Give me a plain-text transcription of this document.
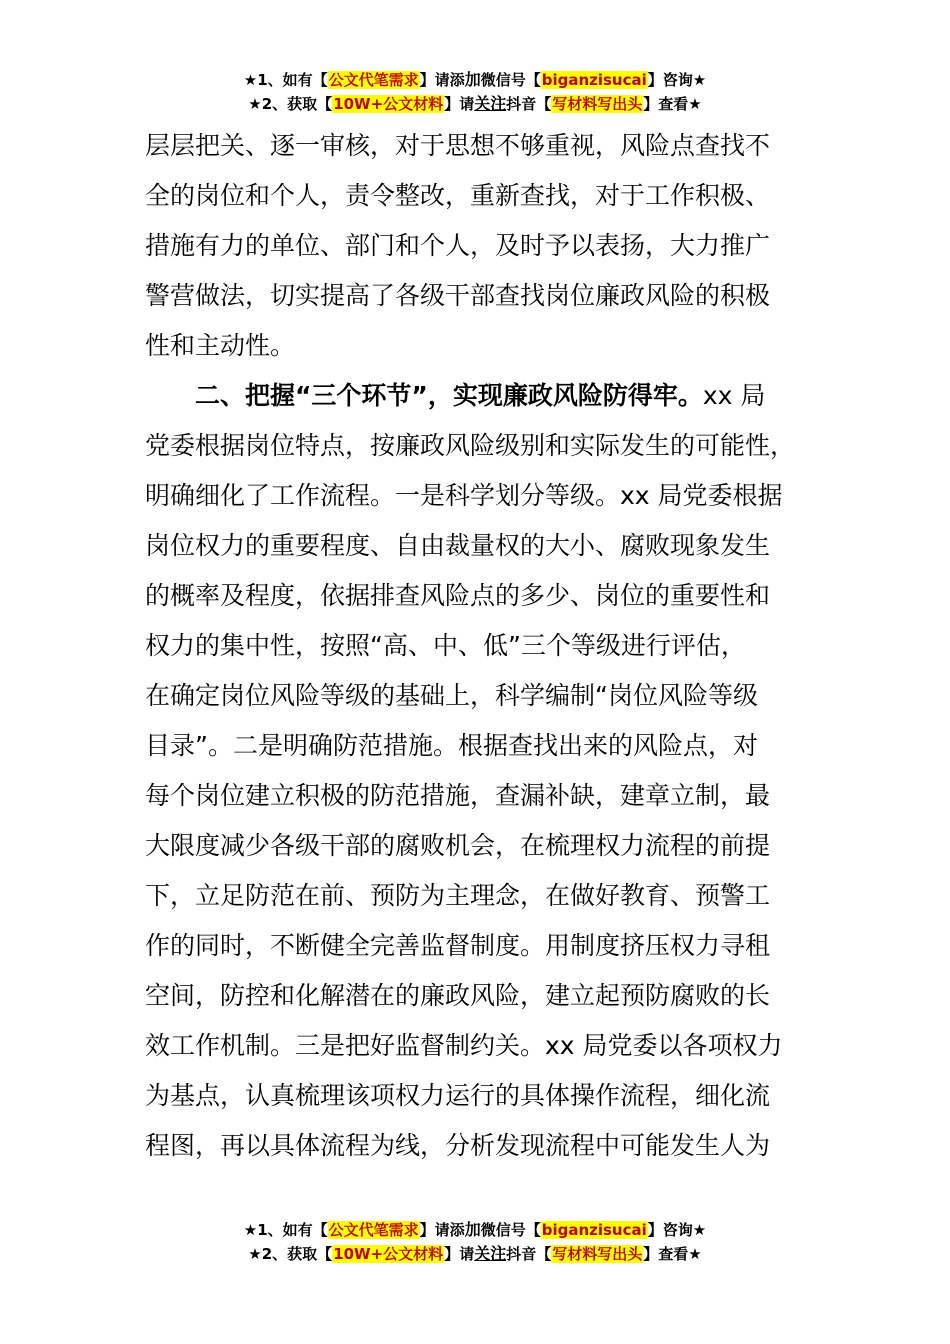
★1、如有【公文代笔需求】请添加微信号【biganzisucai】咨询★
★2、获取【10W+公文材料】请关注抖音【写材料写出头】查看★
层层把关、逐一审核，对于思想不够重视，风险点查找不
全的岗位和个人，责令整改，重新查找，对于工作积极、
措施有力的单位、部门和个人，及时予以表扬，大力推广
警营做法，切实提高了各级干部查找岗位廉政风险的积极
性和主动性。
二、把握“三个环节”，实现廉政风险防得牢。xx 局
党委根据岗位特点，按廉政风险级别和实际发生的可能性，
明确细化了工作流程。一是科学划分等级。xx 局党委根据
岗位权力的重要程度、自由裁量权的大小、腐败现象发生
的概率及程度，依据排查风险点的多少、岗位的重要性和
权力的集中性，按照“高、中、低”三个等级进行评估，
在确定岗位风险等级的基础上，科学编制“岗位风险等级
目录”。二是明确防范措施。根据查找出来的风险点，对
每个岗位建立积极的防范措施，查漏补缺，建章立制，最
大限度减少各级干部的腐败机会，在梳理权力流程的前提
下，立足防范在前、预防为主理念，在做好教育、预警工
作的同时，不断健全完善监督制度。用制度挤压权力寻租
空间，防控和化解潜在的廉政风险，建立起预防腐败的长
效工作机制。三是把好监督制约关。xx 局党委以各项权力
为基点，认真梳理该项权力运行的具体操作流程，细化流
程图，再以具体流程为线，分析发现流程中可能发生人为
★1、如有【公文代笔需求】请添加微信号【biganzisucai】咨询★
★2、获取【10W+公文材料】请关注抖音【写材料写出头】查看★
